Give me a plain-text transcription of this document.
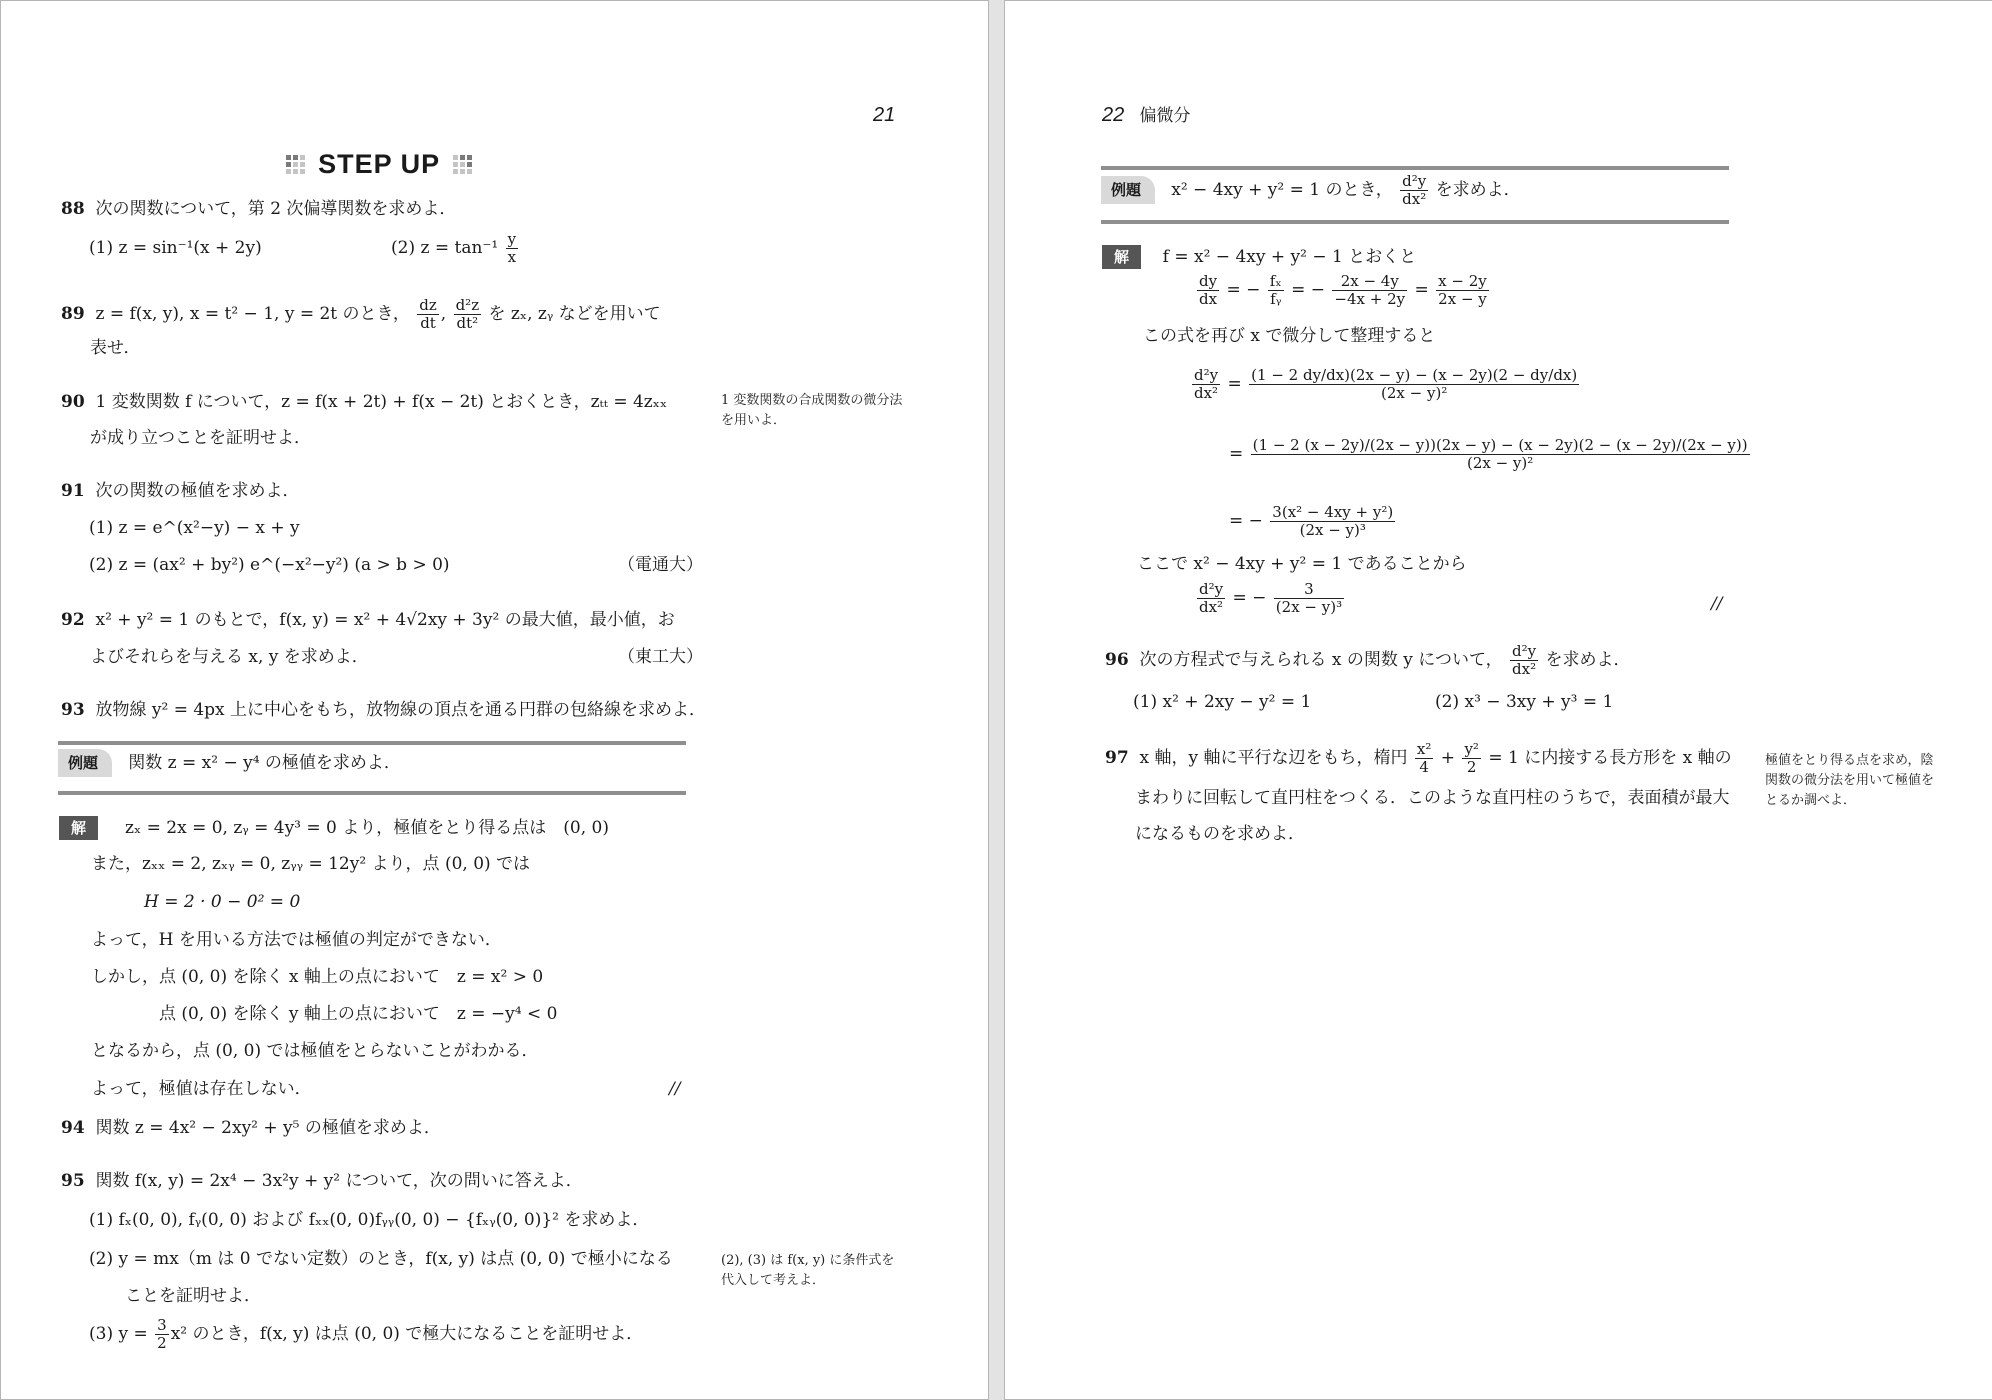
21
STEP UP
88 次の関数について，第 2 次偏導関数を求めよ．
(1) z = sin⁻¹(x + 2y)	(2) $z = \tan^{-1} \frac{y}{x}$
89 z = f(x, y), x = t² − 1, y = 2t のとき， $\frac{dz}{dt}$ , $\frac{\text{d²z}}{\text{dt²}}$ を zₓ, zᵧ などを用いて
表せ．
90 1 変数関数 f について，z = f(x + 2t) + f(x − 2t) とおくとき，zₜₜ = 4zₓₓ
が成り立つことを証明せよ．
1 変数関数の合成関数の微分法を用いよ．
91 次の関数の極値を求めよ．
(1) z = e^(x²−y) − x + y
(2) z = (ax² + by²) e^(−x²−y²) (a > b > 0)	（電通大）
92 x² + y² = 1 のもとで，f(x, y) = x² + 4√2xy + 3y² の最大値，最小値，お
よびそれらを与える x, y を求めよ．	（東工大）
93 放物線 y² = 4px 上に中心をもち，放物線の頂点を通る円群の包絡線を求めよ．
例題 関数 z = x² − y⁴ の極値を求めよ．
解 zₓ = 2x = 0, zᵧ = 4y³ = 0 より，極値をとり得る点は　(0, 0)
また，zₓₓ = 2, zₓᵧ = 0, zᵧᵧ = 12y² より，点 (0, 0) では
H = 2 · 0 − 0² = 0
よって，H を用いる方法では極値の判定ができない．
しかし，点 (0, 0) を除く x 軸上の点において　z = x² > 0
点 (0, 0) を除く y 軸上の点において　z = −y⁴ < 0
となるから，点 (0, 0) では極値をとらないことがわかる．
よって，極値は存在しない．	//
94 関数 z = 4x² − 2xy² + y⁵ の極値を求めよ．
95 関数 f(x, y) = 2x⁴ − 3x²y + y² について，次の問いに答えよ．
(1) fₓ(0, 0), fᵧ(0, 0) および fₓₓ(0, 0)fᵧᵧ(0, 0) − {fₓᵧ(0, 0)}² を求めよ．
(2) y = mx（m は 0 でない定数）のとき，f(x, y) は点 (0, 0) で極小になる
ことを証明せよ．
(3) $y = \frac{3}{2} x^2$ のとき，f(x, y) は点 (0, 0) で極大になることを証明せよ．
(2), (3) は f(x, y) に条件式を代入して考えよ．
22 偏微分
例題 x² − 4xy + y² = 1 のとき， $\frac{\text{d²y}}{\text{dx²}}$ を求めよ．
解 f = x² − 4xy + y² − 1 とおくと
$\frac{dy}{dx}$ = − $\frac{\text{fₓ}}{\text{fᵧ}}$ = − $\frac{2x - 4y}{-4x + 2y} = \frac{x - 2y}{2x - y}$
この式を再び x で微分して整理すると
$\frac{\text{d²y}}{\text{dx²}} = \frac{(1 - 2 dy/dx)(2x - y) - (x - 2y)(2 - dy/dx)}{\text{(2x − y)²}}$
= (1 − 2 (x − 2y)/(2x − y))(2x − y) − (x − 2y)(2 − (x − 2y)/(2x − y))
(2x − y)²
= − $\frac{\text{3(x² − 4xy + y²)}}{\text{(2x − y)³}}$
ここで x² − 4xy + y² = 1 であることから
$\frac{\text{d²y}}{\text{dx²}}$ = − $\frac{3}{\text{(2x − y)³}}$	//
96 次の方程式で与えられる x の関数 y について， $\frac{\text{d²y}}{\text{dx²}}$ を求めよ．
(1) x² + 2xy − y² = 1	(2) x³ − 3xy + y³ = 1
97 x 軸，y 軸に平行な辺をもち，楕円 $\frac{\text{x²}}{4} + \frac{\text{y²}}{2} = 1$ に内接する長方形を x 軸の
まわりに回転して直円柱をつくる．このような直円柱のうちで，表面積が最大
になるものを求めよ．
極値をとり得る点を求め，陰関数の微分法を用いて極値をとるか調べよ．
